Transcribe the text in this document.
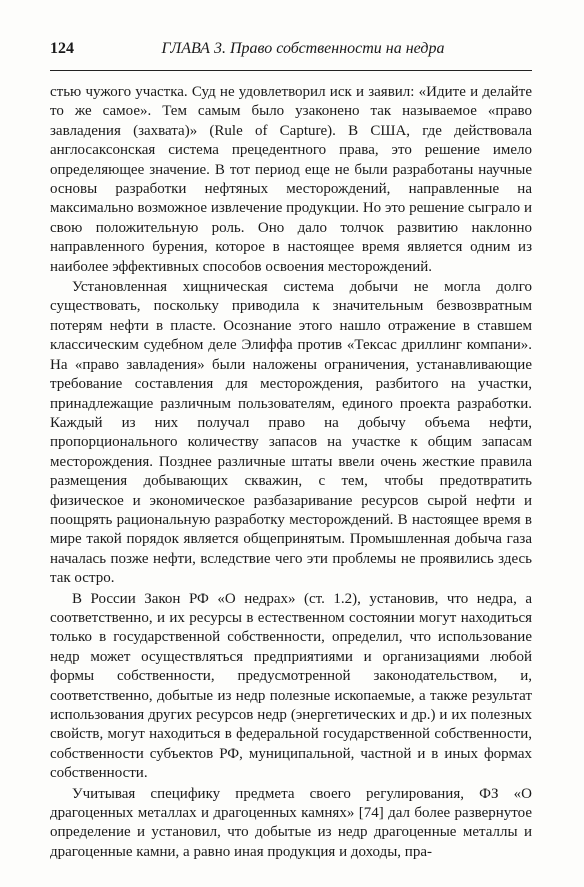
124	ГЛАВА 3. Право собственности на недра

стью чужого участка. Суд не удовлетворил иск и заявил: «Идите и делайте то же самое». Тем самым было узаконено так называемое «право завладения (захвата)» (Rule of Capture). В США, где действовала англосаксонская система прецедентного права, это решение имело определяющее значение. В тот период еще не были разработаны научные основы разработки нефтяных месторождений, направленные на максимально возможное извлечение продукции. Но это решение сыграло и свою положительную роль. Оно дало толчок развитию наклонно направленного бурения, которое в настоящее время является одним из наиболее эффективных способов освоения месторождений.

Установленная хищническая система добычи не могла долго существовать, поскольку приводила к значительным безвозвратным потерям нефти в пласте. Осознание этого нашло отражение в ставшем классическим судебном деле Элиффа против «Тексас дриллинг компани». На «право завладения» были наложены ограничения, устанавливающие требование составления для месторождения, разбитого на участки, принадлежащие различным пользователям, единого проекта разработки. Каждый из них получал право на добычу объема нефти, пропорционального количеству запасов на участке к общим запасам месторождения. Позднее различные штаты ввели очень жесткие правила размещения добывающих скважин, с тем, чтобы предотвратить физическое и экономическое разбазаривание ресурсов сырой нефти и поощрять рациональную разработку месторождений. В настоящее время в мире такой порядок является общепринятым. Промышленная добыча газа началась позже нефти, вследствие чего эти проблемы не проявились здесь так остро.

В России Закон РФ «О недрах» (ст. 1.2), установив, что недра, а соответственно, и их ресурсы в естественном состоянии могут находиться только в государственной собственности, определил, что использование недр может осуществляться предприятиями и организациями любой формы собственности, предусмотренной законодательством, и, соответственно, добытые из недр полезные ископаемые, а также результат использования других ресурсов недр (энергетических и др.) и их полезных свойств, могут находиться в федеральной государственной собственности, собственности субъектов РФ, муниципальной, частной и в иных формах собственности.

Учитывая специфику предмета своего регулирования, ФЗ «О драгоценных металлах и драгоценных камнях» [74] дал более развернутое определение и установил, что добытые из недр драгоценные металлы и драгоценные камни, а равно иная продукция и доходы, пра-
